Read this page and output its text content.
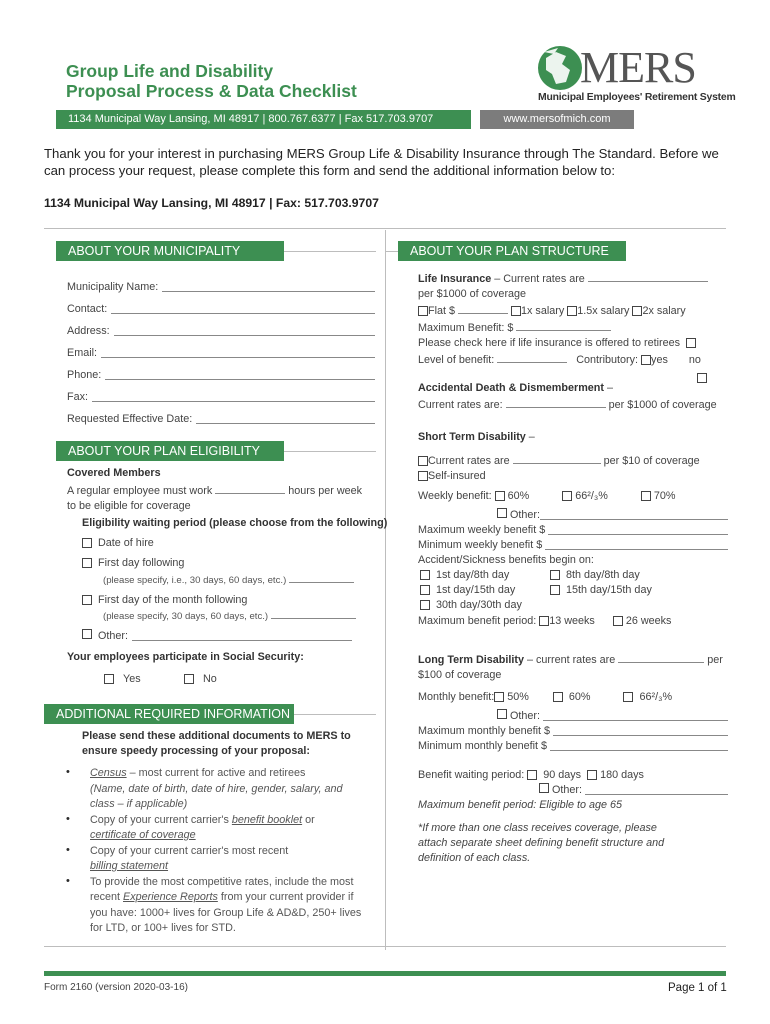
Group Life and Disability
Proposal Process & Data Checklist
1134 Municipal Way Lansing, MI 48917 | 800.767.6377 | Fax 517.703.9707	www.mersofmich.com
MERS
Municipal Employees' Retirement System
Thank you for your interest in purchasing MERS Group Life & Disability Insurance through The Standard. Before we can process your request, please complete this form and send the additional information below to:
1134 Municipal Way Lansing, MI 48917 | Fax: 517.703.9707
ABOUT YOUR MUNICIPALITY
Municipality Name:
Contact:
Address:
Email:
Phone:
Fax:
Requested Effective Date:
ABOUT YOUR PLAN ELIGIBILITY
Covered Members
A regular employee must work	hours per week
to be eligible for coverage
Eligibility waiting period (please choose from the following)
Date of hire
First day following
(please specify, i.e., 30 days, 60 days, etc.)
First day of the month following
(please specify, 30 days, 60 days, etc.)

Other:
Your employees participate in Social Security:
Yes	No
ADDITIONAL REQUIRED INFORMATION
Please send these additional documents to MERS to
ensure speedy processing of your proposal:
•	Census – most current for active and retirees
(Name, date of birth, date of hire, gender, salary, and
class – if applicable)
•	Copy of your current carrier's benefit booklet or
certificate of coverage
•	Copy of your current carrier's most recent
billing statement
•	To provide the most competitive rates, include the most
recent Experience Reports from your current provider if
you have: 1000+ lives for Group Life & AD&D, 250+ lives
for LTD, or 100+ lives for STD.
ABOUT YOUR PLAN STRUCTURE
Life Insurance – Current rates are
per $1000 of coverage
Flat $	1x salary 1.5x salary 2x salary
Maximum Benefit: $
Please check here if life insurance is offered to retirees
Level of benefit:	Contributory: yes no
Accidental Death & Dismemberment –
Current rates are:	per $1000 of coverage
Short Term Disability –
Current rates are	per $10 of coverage
Self-insured
Weekly benefit: 60%	66²/₃%	70%

Other:
Maximum weekly benefit $
Minimum weekly benefit $
Accident/Sickness benefits begin on:
1st day/8th day	8th day/8th day
1st day/15th day	15th day/15th day
30th day/30th day
Maximum benefit period: 13 weeks	26 weeks
Long Term Disability – current rates are	per
$100 of coverage
Monthly benefit: 50%	60%	66²/₃%

Other:
Maximum monthly benefit $
Minimum monthly benefit $
Benefit waiting period: 90 days 180 days

Other:
Maximum benefit period: Eligible to age 65
*If more than one class receives coverage, please
attach separate sheet defining benefit structure and
definition of each class.
Form 2160 (version 2020-03-16)	Page 1 of 1
